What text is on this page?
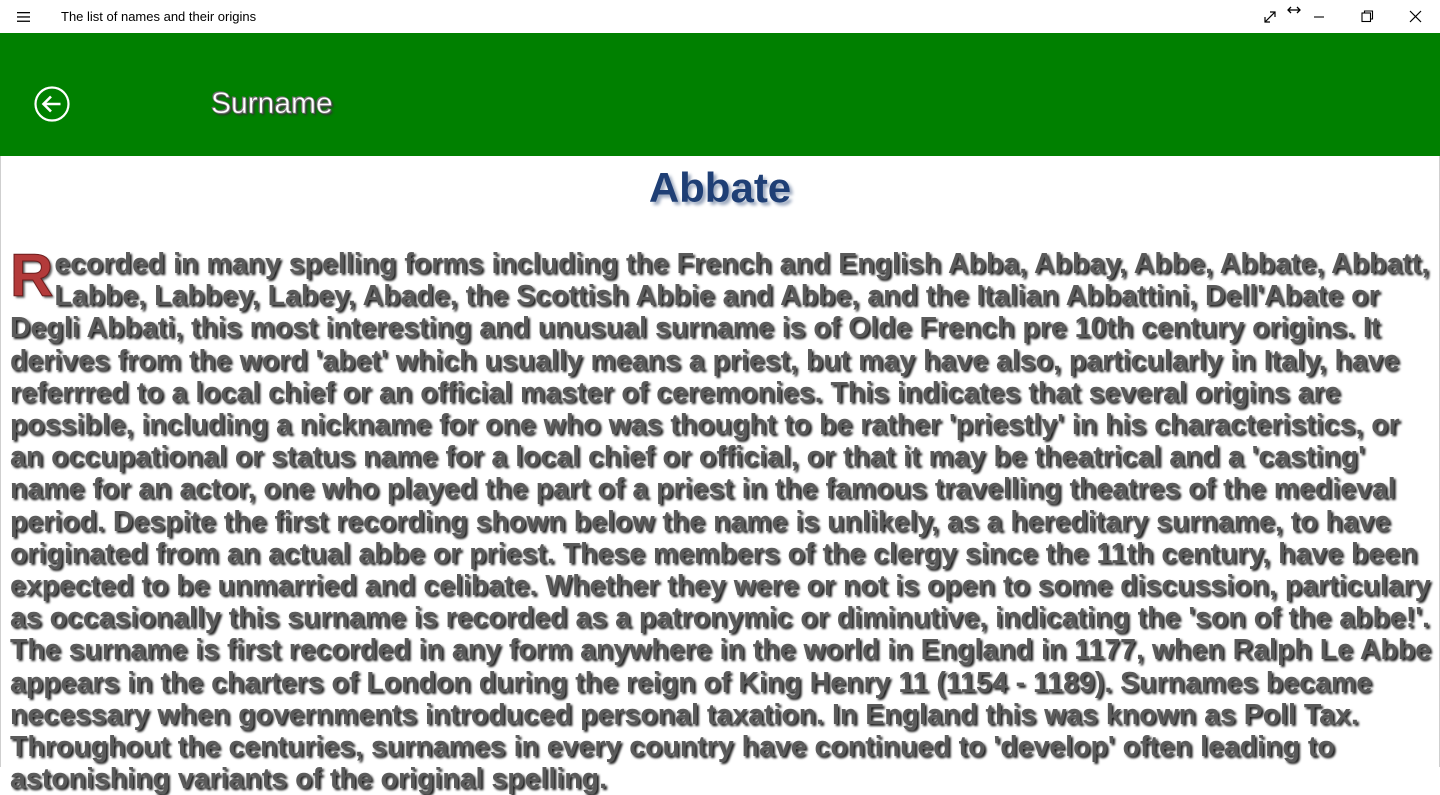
The list of names and their origins
Surname
Abbate

Recorded in many spelling forms including the French and English Abba, Abbay, Abbe, Abbate, Abbatt, Labbe, Labbey, Labey, Abade, the Scottish Abbie and Abbe, and the Italian Abbattini, Dell'Abate or Degli Abbati, this most interesting and unusual surname is of Olde French pre 10th century origins. It derives from the word 'abet' which usually means a priest, but may have also, particularly in Italy, have referrred to a local chief or an official master of ceremonies. This indicates that several origins are possible, including a nickname for one who was thought to be rather 'priestly' in his characteristics, or an occupational or status name for a local chief or official, or that it may be theatrical and a 'casting' name for an actor, one who played the part of a priest in the famous travelling theatres of the medieval period. Despite the first recording shown below the name is unlikely, as a hereditary surname, to have originated from an actual abbe or priest. These members of the clergy since the 11th century, have been expected to be unmarried and celibate. Whether they were or not is open to some discussion, particulary as occasionally this surname is recorded as a patronymic or diminutive, indicating the 'son of the abbe!'. The surname is first recorded in any form anywhere in the world in England in 1177, when Ralph Le Abbe appears in the charters of London during the reign of King Henry 11 (1154 - 1189). Surnames became necessary when governments introduced personal taxation. In England this was known as Poll Tax. Throughout the centuries, surnames in every country have continued to 'develop' often leading to astonishing variants of the original spelling.
